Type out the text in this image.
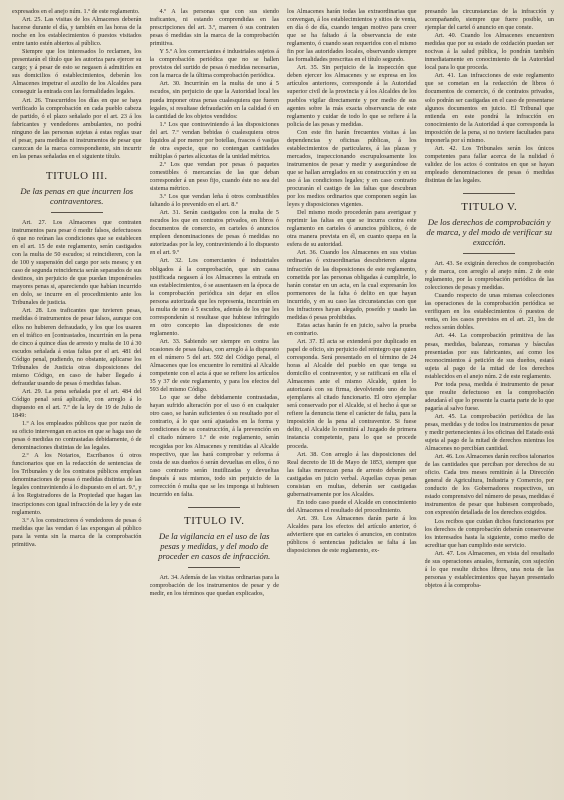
expresados en el anejo núm. 1.º de este reglamento.

Art. 25. Las visitas de los Almacenes deberán hacerse durante el día, y también en las horas de la noche en los establecimientos ó puestos visitados entre tanto estén abiertos al público.

Siempre que los interesados lo reclamen, los presentarán el título que les autoriza para ejercer su cargo; y á pesar de esto se negasen á admitirles en sus domicilios ó establecimientos, deberán los Almacenes impetrar el auxilio de los Alcaldes para conseguir la entrada con las formalidades legales.

Art. 26. Trascurridos los días en que se haya verificado la comprobación en cada pueblo cabeza de partido, ó el plazo señalado por el art. 23 á los fabricantes y vendedores ambulantes, no podrá ninguno de las personas sujetas á estas reglas usar el pesar, para medidas ni instrumentos de pesar que carezcan de la marca correspondiente, sin incurrir en las penas señaladas en el siguiente título.

TITULO III.
De las penas en que incurren los contraventores.

Art. 27. Los Almacenes que contraten instrumentos para pesar ó medir falsos, defectuosos ó que no reúnan las condiciones que se establecen en el art. 15 de este reglamento, serán castigados con la multa de 50 escudos; si reincidieren, con la de 100 y suspensión del cargo por seis meses; y en caso de segunda reincidencia serán separados de sus destinos, sin perjuicio de que puedan imponérseles mayores penas si, apareciendo que habían incurrido en dolo, se incurre en el procedimiento ante los Tribunales de justicia.

Art. 28. Los traficantes que tuvieren pesas, medidas ó instrumentos de pesar falsos, aunque con ellos no hubieren defraudado, y los que los usaren en el tráfico en [contrastados, incurrirán en la pena de cinco á quince días de arresto y multa de 10 á 30 escudos señalada á estas faltas por el art. 481 del Código penal, pudiendo, no obstante, aplicarse los Tribunales de Justicia otras disposiciones del mismo Código, en caso de haber llegado á defraudar usando de pesas ó medidas falsas.

Art. 29. La pena señalada por el art. 484 del Código penal será aplicable, con arreglo á lo dispuesto en el art. 7.º de la ley de 19 de Julio de 1849:

1.º A los empleados públicos que por razón de su oficio intervengan en actos en que se haga uso de pesas ó medidas no contrastadas debidamente, ó de denominaciones distintas de las legales.

2.º A los Notarios, Escribanos ú otros funcionarios que en la redacción de sentencias de los Tribunales y de los contratos públicos emplean denominaciones de pesas ó medidas distintas de las legales contraviniendo á lo dispuesto en el art. 9.º, y á los Registradores de la Propiedad que hagan las inscripciones con igual infracción de la ley y de este reglamento.

3.º A los constructores ó vendedores de pesas ó medidas que las vendan ó las expongan al público para la venta sin la marca de la comprobación primitiva.

4.º A las personas que con sus siendo traficantes, ni estando comprendidas en las prescripciones del art. 3.º, mareen ó sus contraten pesas ó medidas sin la marca de la comprobación primitiva.

Y 5.º A los comerciantes é industriales sujetos á la comprobación periódica que no se hallen provistos del surtido de pesas ó medidas necesarias, con la marca de la última comprobación periódica.

Art. 30. Incurrirán en la multa de uno á 5 escudos, sin perjuicio de que la Autoridad local les pueda imponer otras penas cualesquiera que fueren legales, si resultase defraudación en la calidad ó en la cantidad de los objetos vendidos:

1.º Los que contraviniendo á las disposiciones del art. 7.º vendan bebidas ó cualesquiera otros líquidos al por menor por botellas, frascos ó vasijas de otra especie, que no contengan cantidades múltiplas ó partes alícuotas de la unidad métrica.

2.º Los que vendan por pesas ó paquetes comestibles ó mercancías de las que deban corresponder á un peso fijo, cuando éste no sea del sistema métrico.

3.º Los que vendan leña ú otros combustibles faltando á lo prevenido en el art. 8.º

Art. 31. Serán castigados con la multa de 5 escudos los que en contratos privados, en libros ó documentos de comercio, en carteles ó anuncios empleen denominaciones de pesas ó medidas no autorizadas por la ley, contraviniendo á lo dispuesto en el art. 9.º

Art. 32. Los comerciantes é industriales obligados á la comprobación, que sin causa justificada negasen á los Almacenes la entrada en sus establecimientos, ó se ausentasen en la época de la comprobación periódica sin dejar en ellos persona autorizada que les representa, incurrirán en la multa de uno á 5 escudos, además de los que les corresponderán si resultase que hubiese infringido en otro concepto las disposiciones de este reglamento.

Art. 33. Sabiendo ser siempre en contra las ocasiones de pesas falsas, con arreglo á la dispuesto en el número 5 del art. 592 del Código penal, el Almacenes que los encuentre lo remitirá al Alcalde competente con el acta á que se refiere los artículos 35 y 37 de este reglamento, y para los efectos del 593 del mismo Código.

Lo que se debe debidamente contrastadas, hayan sufrido alteración por el uso ó en cualquier otro caso, se harán suficientes ó su resultado por el contrario, á lo que será ajustados en la forma y condiciones de su construcción, á la prevención en el citado número 1.º de este reglamento, serán recogidas por los Almacenes y remitidas al Alcalde respectivo, que las hará comprobar y reforma á costa de sus dueños ó serán devueltas en ellos, ó no caso contrario serán inutilizadas y devueltas después á sus mismos, todo sin perjuicio de la corrección ó multa que se les imponga si hubiesen incurrido en falta.

TITULO IV.
De la vigilancia en el uso de las pesas y medidas, y del modo de proceder en casos de infracción.

Art. 34. Además de las visitas ordinarias para la comprobación de los instrumentos de pesar y de medir, en los términos que quedan explicados,

los Almacenes harán todas las extraordinarias que convengan, á los establecimientos y sitios de venta, en día ó de día, cuando tengan motivo para creer que se ha faltado á la observancia de este reglamento, ó cuando sean requeridos con el mismo fin por las autoridades locales, observando siempre las formalidades prescritas en el título segundo.

Art. 35. Sin perjuicio de la inspección que deben ejercer los Almacenes y se expresa en los artículos anteriores, corresponde á la Autoridad superior civil de la provincia y á los Alcaldes de los pueblos vigilar directamente y por medio de sus agentes sobre la más exacta observancia de este reglamento y cuidar de todo lo que se refiere á la policía de las pesas y medidas.

Con este fin harán frecuentes visitas á las dependencias y oficinas públicas, á los establecimientos de particulares, á las plazas y mercados, inspeccionando escrupulosamente los instrumentos de pesar y medir y asegurándose de que se hallan arreglados en su construcción y en su uso á las condiciones legales; y en caso contrario procurarán el castigo de las faltas que descubran por los medios ordinarios que componen según las leyes y disposiciones vigentes.

Del mismo modo procederán para averiguar y reprimir las faltas en que se incurra contra este reglamento en carteles ó anuncios públicos, ó de otra manera prevista en él, en cuanto quepa en la esfera de su autoridad.

Art. 36. Cuando los Almacenes en sus visitas ordinarias ó extraordinarias descubrieren alguna infracción de las disposiciones de este reglamento, cometida por las personas obligadas á cumplirle, lo harán constar en un acta, en la cual expresarán los pormenores de la falta ó delito en que hayan incurrido, y en su caso las circunstancias con que los infractores hayan alegado, poseído y usado las medidas ó pesas prohibidas.

Estas actas harán fe en juicio, salvo la prueba en contrario.

Art. 37. El acta se extenderá por duplicado en papel de oficio, sin perjuicio del reintegro que quien corresponda. Será presentado en el término de 24 horas al Alcalde del pueblo en que tenga su domicilio el contraventor, y se ratificará en ella el Almacenes ante el mismo Alcalde, quien lo autorizará con su firma, devolviendo uno de los ejemplares al citado funcionario. El otro ejemplar será conservado por el Alcalde, si el hecho á que se refiere la denuncia tiene el carácter de falta, para la imposición de la pena al contraventor. Si fuese delito, el Alcalde lo remitirá al Juzgado de primera instancia competente, para lo que se procede proceda.

Art. 38. Con arreglo á las disposiciones del Real decreto de 18 de Mayo de 1853, siempre que las faltas merezcan pena de arresto deberán ser castigadas en juicio verbal. Aquellas cuyas penas consistan en multas, deberán ser castigadas gubernativamente por los Alcaldes.

En todo caso puede el Alcalde en conocimiento del Almacenes el resultado del procedimiento.

Art. 39. Los Almacenes darán parte á los Alcaldes para los efectos del artículo anterior, ó adviertiere que en carteles ó anuncios, en contratos públicos ó sentencias judiciales se falta á las disposiciones de este reglamento, ex-

presando las circunstancias de la infracción y acompañando, siempre que fuere posible, un ejemplar del cartel ó anuncio en que conste.

Art. 40. Cuando los Almacenes encuentren medidas que por su estado de oxidación puedan ser nocivas á la salud pública, lo pondrán también inmediatamente en conocimiento de la Autoridad local para lo que proceda.

Art. 41. Las infracciones de este reglamento que se cometan en la redacción de libros ó documentos de comercio, ó de contratos privados, solo podrán ser castigadas en el caso de presentarse algunos documentos en juicio. El Tribunal que entienda en este pondrá la infracción en conocimiento de la Autoridad á que corresponda la imposición de la pena, si no tuviere facultades para imponerla por sí mismo.

Art. 42. Los Tribunales serán los únicos competentes para fallar acerca de la nulidad ó validez de los actos ó contratos en que se hayan empleado denominaciones de pesas ó medidas distintas de las legales.

TITULO V.
De los derechos de comprobación y de marca, y del modo de verificar su exacción.

Art. 43. Se exigirán derechos de comprobación y de marca, con arreglo al anejo núm. 2 de este reglamento, por la comprobación periódica de las colecciones de pesas y medidas.

Cuando respecto de unas mismas colecciones las operaciones de la comprobación periódica se verifiquen en los establecimientos ó puestos de venta, en los casos previstos en el art. 21, los de rechos serán dobles.

Art. 44. La comprobación primitiva de las pesas, medidas, balanzas, romanas y básculas presentadas por sus fabricantes, así como los reconocimientos á petición de sus dueños, estará sujeta al pago de la mitad de los derechos establecidos en el anejo núm. 2 de este reglamento.

Por toda pesa, medida é instrumento de pesar que resulte defectuoso en la comprobación adeudará el que lo presente la cuarta parte de lo que pagaría al salvo fuese.

Art. 45. La comprobación periódica de las pesas, medidas y de todos los instrumentos de pesar y medir pertenecientes á los oficinas del Estado está sujeta al pago de la mitad de derechos mientras los Almacenes no percibían cantidad.

Art. 46. Los Almacenes darán recibos talonarios de las cantidades que perciban por derechos de su oficio. Cada tres meses remitirán á la Dirección general de Agricultura, Industria y Comercio, por conducto de los Gobernadores respectivos, un estado comprensivo del número de pesas, medidas é instrumentos de pesar que hubiesen comprobado, con expresión detallada de los derechos exigidos.

Los recibos que cuidan dichos funcionarios por los derechos de comprobación deberán conservarse los interesados hasta la siguiente, como medio de acreditar que han cumplido este servicio.

Art. 47. Los Almacenes, en vista del resultado de sus operaciones anuales, formarán, con sujeción á lo que resulte dichos libros, una nota de las personas y establecimientos que hayan presentado objetos á la comproba-
